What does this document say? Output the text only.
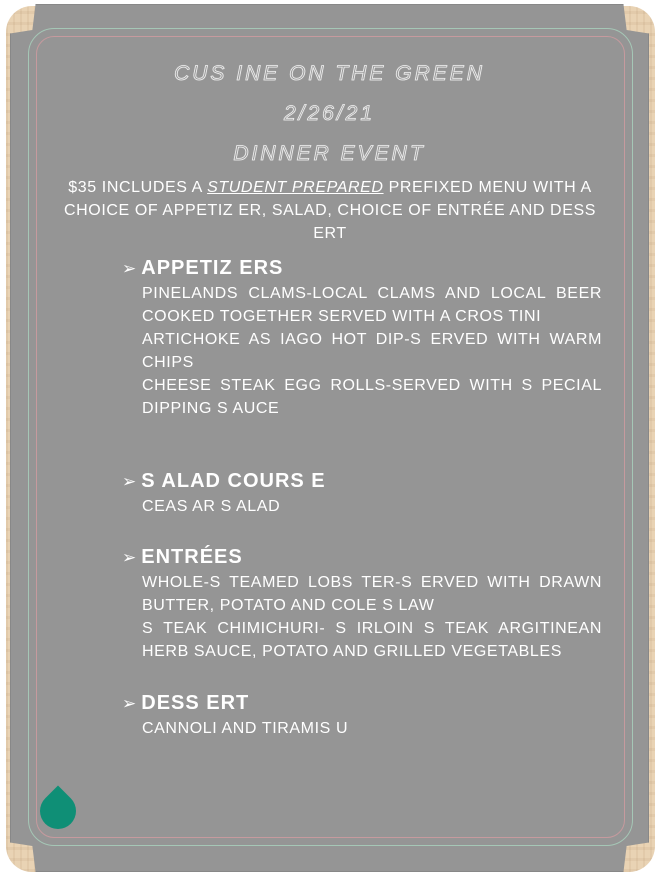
CUS INE ON THE GREEN
2/26/21
DINNER EVENT
$35 INCLUDES A STUDENT PREPARED PREFIXED MENU WITH A CHOICE OF APPETIZ ER, SALAD, CHOICE OF ENTRÉE AND DESS ERT
➢ APPETIZ ERS
PINELANDS CLAMS-LOCAL CLAMS AND LOCAL BEER COOKED TOGETHER SERVED WITH A CROS TINI
ARTICHOKE AS IAGO HOT DIP-S ERVED WITH WARM CHIPS
CHEESE STEAK EGG ROLLS-SERVED WITH S PECIAL DIPPING S AUCE
➢ S ALAD COURS E
CEAS AR S ALAD
➢ ENTRÉES
WHOLE-S TEAMED LOBS TER-S ERVED WITH DRAWN BUTTER, POTATO AND COLE S LAW
S TEAK CHIMICHURI- S IRLOIN S TEAK ARGITINEAN HERB SAUCE, POTATO AND GRILLED VEGETABLES
➢ DESS ERT
CANNOLI AND TIRAMIS U
